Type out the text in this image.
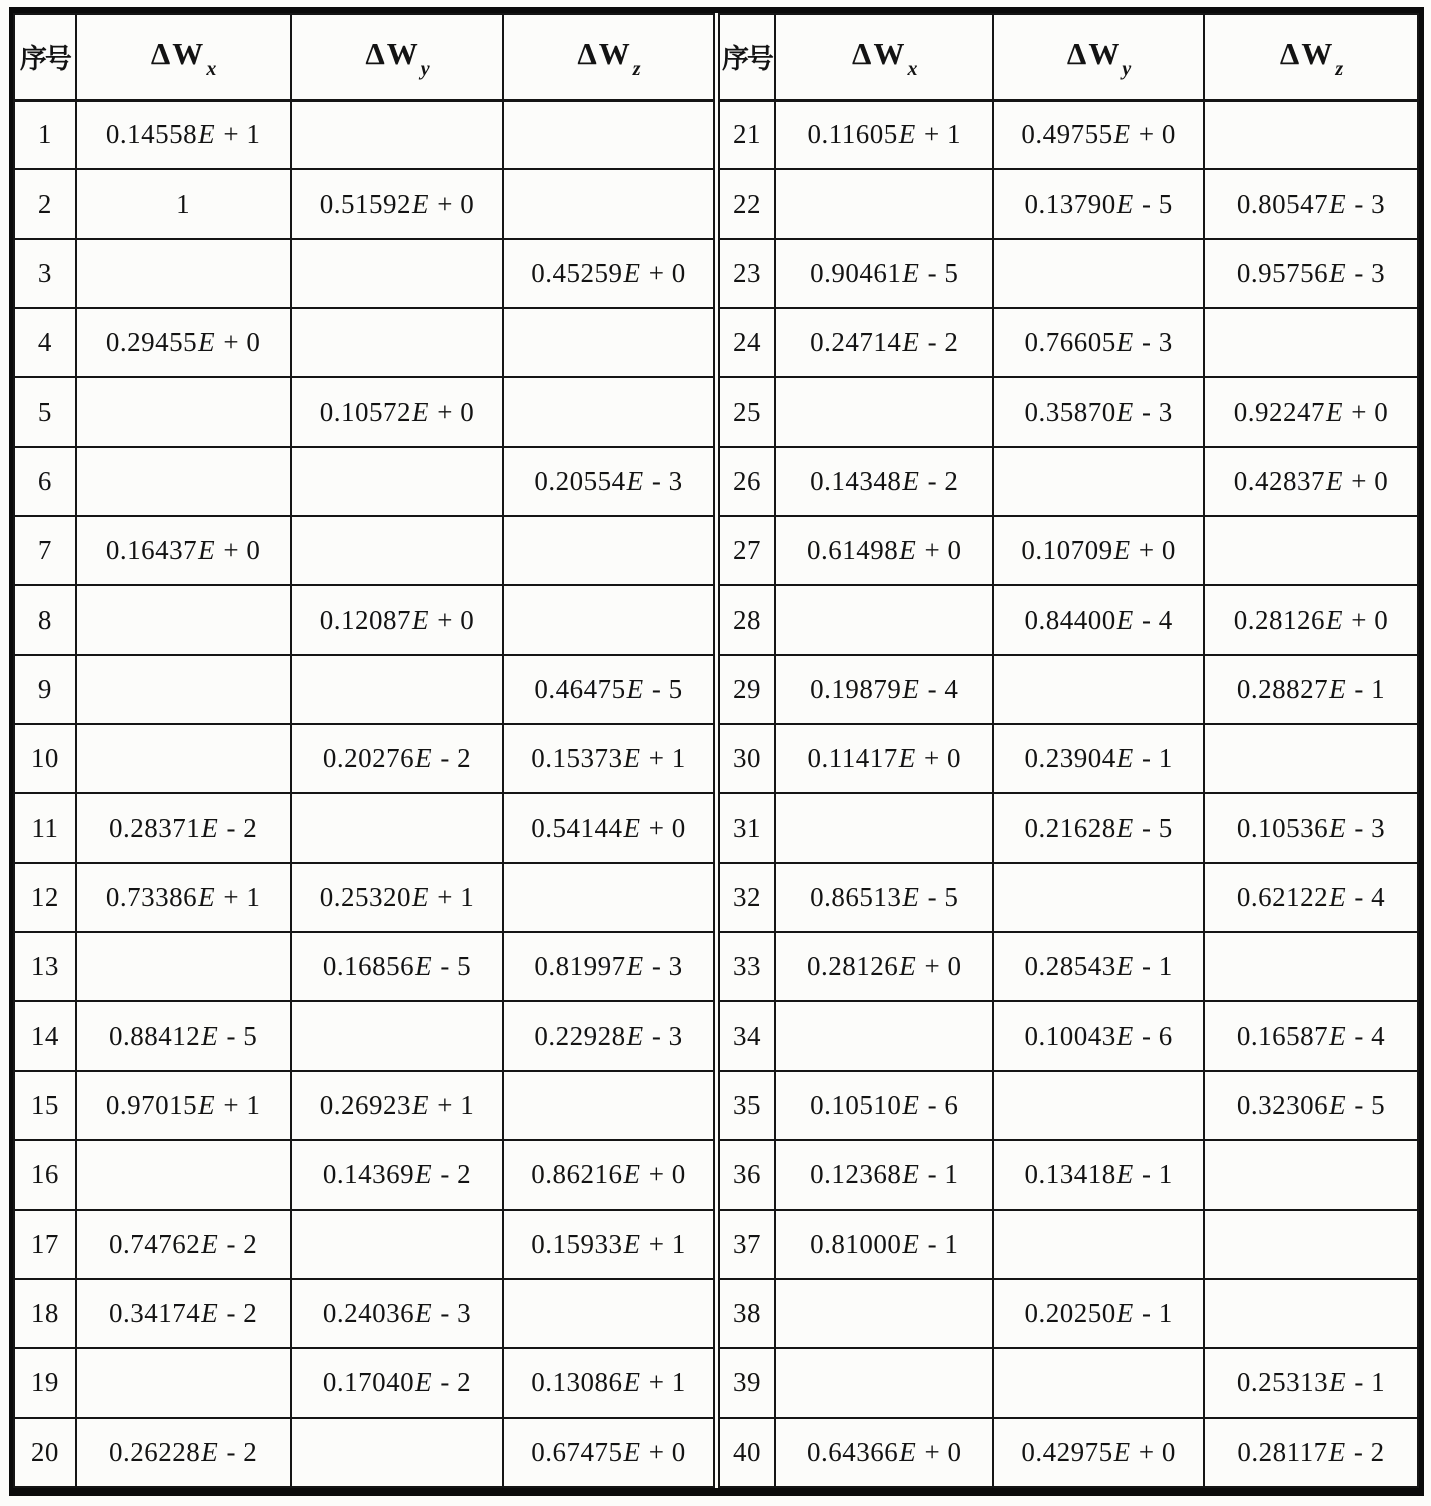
序号	$\Delta W_x$	$\Delta W_y$	$\Delta W_z$
1	0.14558E + 1		
2	1	0.51592E + 0	
3			0.45259E + 0
4	0.29455E + 0		
5		0.10572E + 0	
6			0.20554E - 3
7	0.16437E + 0		
8		0.12087E + 0	
9			0.46475E - 5
10		0.20276E - 2	0.15373E + 1
11	0.28371E - 2		0.54144E + 0
12	0.73386E + 1	0.25320E + 1	
13		0.16856E - 5	0.81997E - 3
14	0.88412E - 5		0.22928E - 3
15	0.97015E + 1	0.26923E + 1	
16		0.14369E - 2	0.86216E + 0
17	0.74762E - 2		0.15933E + 1
18	0.34174E - 2	0.24036E - 3	
19		0.17040E - 2	0.13086E + 1
20	0.26228E - 2		0.67475E + 0
序号	$\Delta W_x$	$\Delta W_y$	$\Delta W_z$
21	0.11605E + 1	0.49755E + 0	
22		0.13790E - 5	0.80547E - 3
23	0.90461E - 5		0.95756E - 3
24	0.24714E - 2	0.76605E - 3	
25		0.35870E - 3	0.92247E + 0
26	0.14348E - 2		0.42837E + 0
27	0.61498E + 0	0.10709E + 0	
28		0.84400E - 4	0.28126E + 0
29	0.19879E - 4		0.28827E - 1
30	0.11417E + 0	0.23904E - 1	
31		0.21628E - 5	0.10536E - 3
32	0.86513E - 5		0.62122E - 4
33	0.28126E + 0	0.28543E - 1	
34		0.10043E - 6	0.16587E - 4
35	0.10510E - 6		0.32306E - 5
36	0.12368E - 1	0.13418E - 1	
37	0.81000E - 1		
38		0.20250E - 1	
39			0.25313E - 1
40	0.64366E + 0	0.42975E + 0	0.28117E - 2
